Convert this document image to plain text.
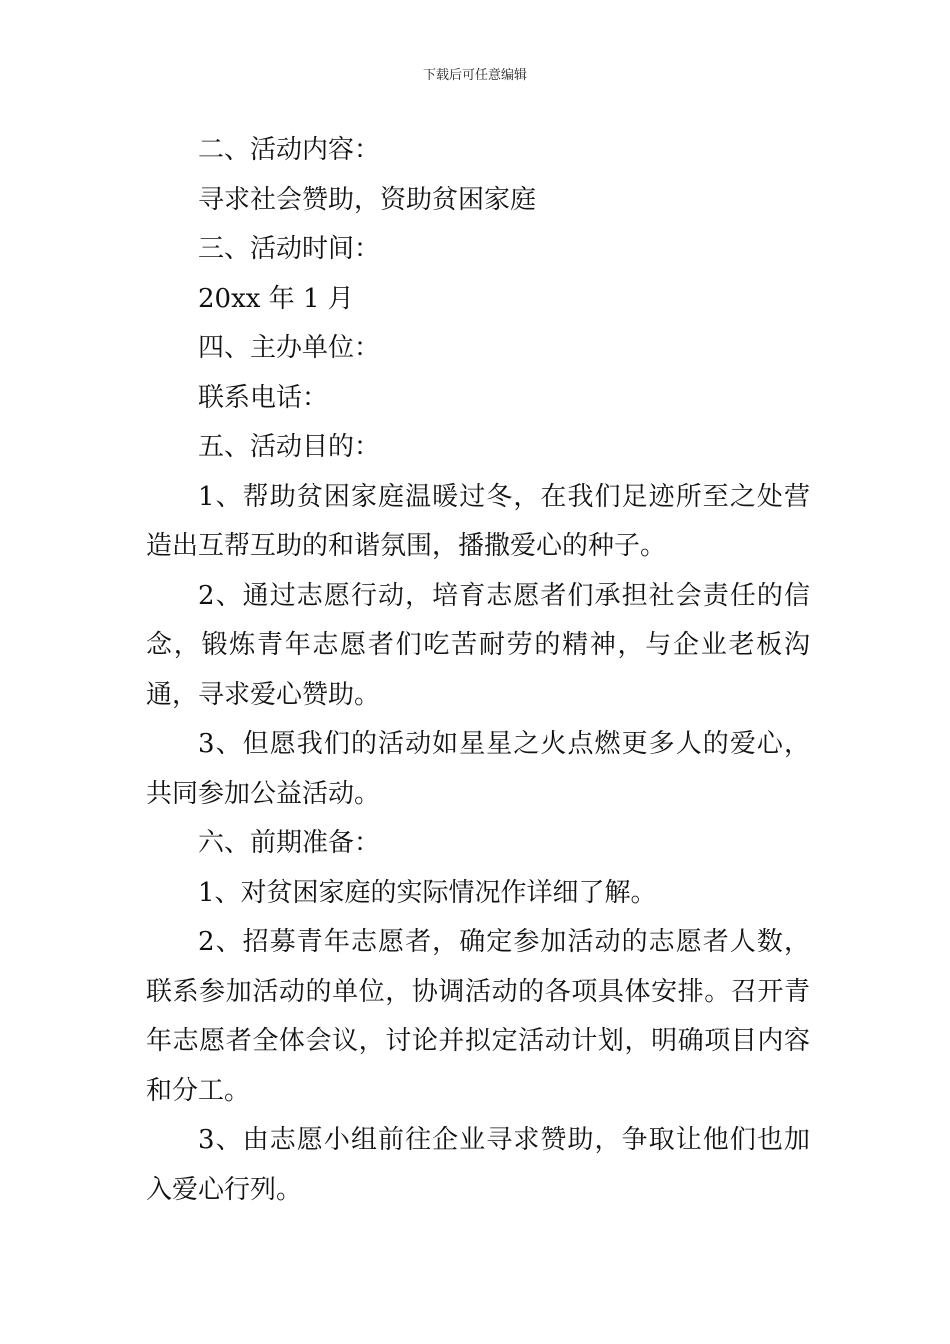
下载后可任意编辑

二、活动内容：

寻求社会赞助，资助贫困家庭

三、活动时间：

20xx 年 1 月

四、主办单位：

联系电话：

五、活动目的：

1、帮助贫困家庭温暖过冬，在我们足迹所至之处营造出互帮互助的和谐氛围，播撒爱心的种子。

2、通过志愿行动，培育志愿者们承担社会责任的信念，锻炼青年志愿者们吃苦耐劳的精神，与企业老板沟通，寻求爱心赞助。

3、但愿我们的活动如星星之火点燃更多人的爱心，共同参加公益活动。

六、前期准备：

1、对贫困家庭的实际情况作详细了解。

2、招募青年志愿者，确定参加活动的志愿者人数，联系参加活动的单位，协调活动的各项具体安排。召开青年志愿者全体会议，讨论并拟定活动计划，明确项目内容和分工。

3、由志愿小组前往企业寻求赞助，争取让他们也加入爱心行列。
